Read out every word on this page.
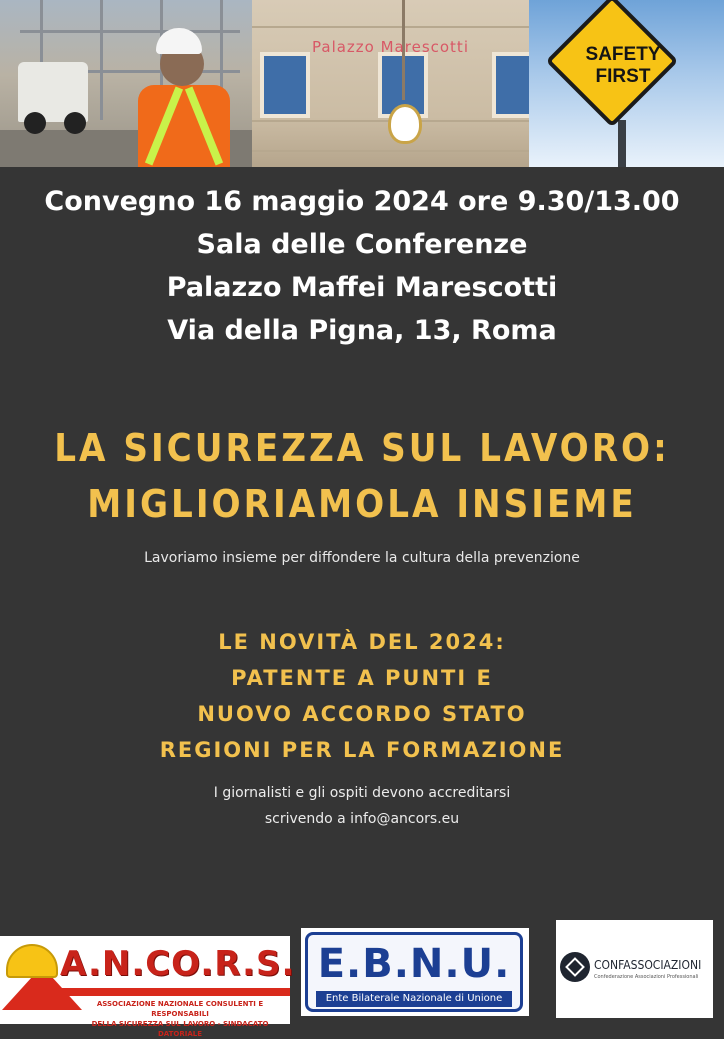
Palazzo Marescotti	SAFETY
FIRST
Convegno 16 maggio 2024 ore 9.30/13.00
Sala delle Conferenze
Palazzo Maffei Marescotti
Via della Pigna, 13, Roma
LA SICUREZZA SUL LAVORO:
MIGLIORIAMOLA INSIEME
Lavoriamo insieme per diffondere la cultura della prevenzione
LE NOVITÀ DEL 2024:
PATENTE A PUNTI E
NUOVO ACCORDO STATO
REGIONI PER LA FORMAZIONE
I giornalisti e gli ospiti devono accreditarsi
scrivendo a info@ancors.eu
A.N.CO.R.S.
ASSOCIAZIONE NAZIONALE CONSULENTI E RESPONSABILI
DELLA SICUREZZA SUL LAVORO - SINDACATO DATORIALE
E.B.N.U.
Ente Bilaterale Nazionale di Unione
CONFASSOCIAZIONI
Confederazione Associazioni Professionali
